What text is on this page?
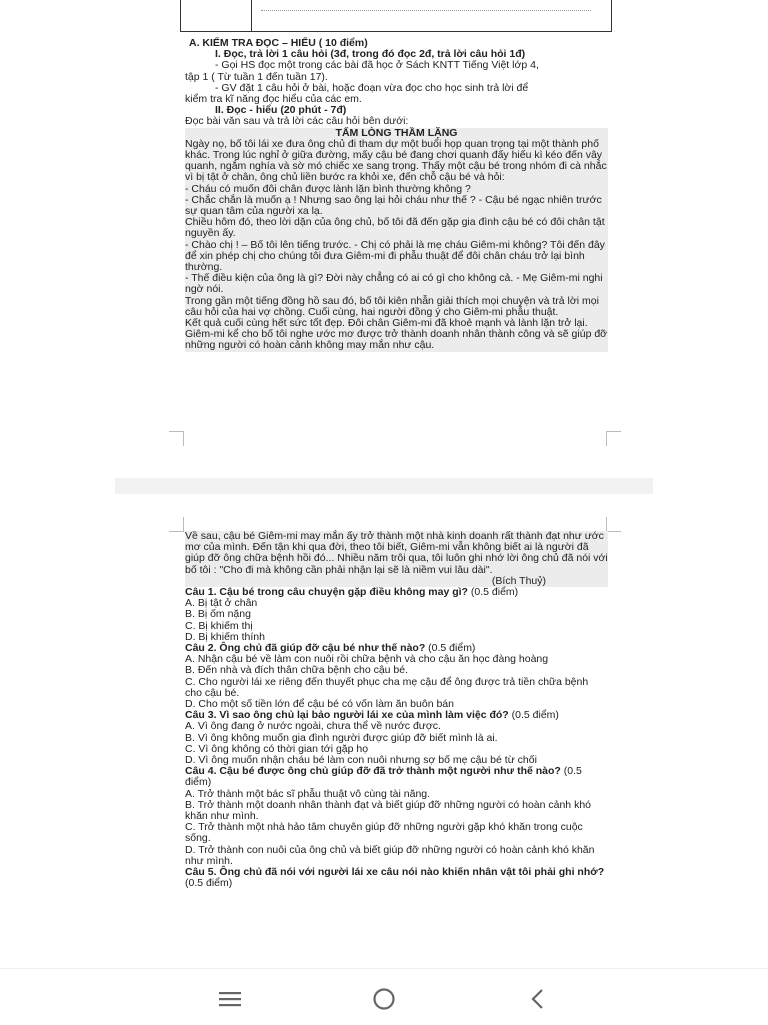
A. KIỂM TRA ĐỌC – HIỂU ( 10 điểm)

I. Đọc, trả lời 1 câu hỏi (3đ, trong đó đọc 2đ, trả lời câu hỏi 1đ)

- Gọi HS đọc một trong các bài đã học ở Sách KNTT Tiếng Việt lớp 4,

tập 1 ( Từ tuần 1 đến tuần 17).

- GV đặt 1 câu hỏi ở bài, hoặc đoạn vừa đọc cho học sinh trả lời để

kiểm tra kĩ năng đọc hiểu của các em.

II. Đọc - hiểu (20 phút - 7đ)

Đọc bài văn sau và trả lời các câu hỏi bên dưới:

TẤM LÒNG THẦM LẶNG

Ngày nọ, bố tôi lái xe đưa ông chủ đi tham dự một buổi họp quan trọng tại một thành phố khác. Trong lúc nghỉ ở giữa đường, mấy cậu bé đang chơi quanh đấy hiếu kì kéo đến vây quanh, ngắm nghía và sờ mó chiếc xe sang trọng. Thấy một cậu bé trong nhóm đi cà nhắc vì bị tật ở chân, ông chủ liền bước ra khỏi xe, đến chỗ cậu bé và hỏi:

- Cháu có muốn đôi chân được lành lặn bình thường không ?

- Chắc chắn là muốn ạ ! Nhưng sao ông lại hỏi cháu như thế ? - Cậu bé ngạc nhiên trước sự quan tâm của người xa lạ.

Chiều hôm đó, theo lời dặn của ông chủ, bố tôi đã đến gặp gia đình cậu bé có đôi chân tật nguyền ấy.

- Chào chị ! – Bố tôi lên tiếng trước. - Chị có phải là mẹ cháu Giêm-mi không? Tôi đến đây để xin phép chị cho chúng tôi đưa Giêm-mi đi phẫu thuật để đôi chân cháu trở lại bình thường.

- Thế điều kiện của ông là gì? Đời này chẳng có ai có gì cho không cả. - Mẹ Giêm-mi nghi ngờ nói.

Trong gần một tiếng đồng hồ sau đó, bố tôi kiên nhẫn giải thích mọi chuyện và trả lời mọi câu hỏi của hai vợ chồng. Cuối cùng, hai người đồng ý cho Giêm-mi phẫu thuật.

Kết quả cuối cùng hết sức tốt đẹp. Đôi chân Giêm-mi đã khoẻ mạnh và lành lặn trở lại. Giêm-mi kể cho bố tôi nghe ước mơ được trở thành doanh nhân thành công và sẽ giúp đỡ những người có hoàn cảnh không may mắn như cậu.

Về sau, cậu bé Giêm-mi may mắn ấy trở thành một nhà kinh doanh rất thành đạt như ước mơ của mình. Đến tận khi qua đời, theo tôi biết, Giêm-mi vẫn không biết ai là người đã giúp đỡ ông chữa bệnh hồi đó... Nhiều năm trôi qua, tôi luôn ghi nhớ lời ông chủ đã nói với bố tôi : "Cho đi mà không cần phải nhận lại sẽ là niềm vui lâu dài".

(Bích Thuỷ)

Câu 1. Cậu bé trong câu chuyện gặp điều không may gì? (0.5 điểm)

A. Bị tật ở chân

B. Bị ốm nặng

C. Bị khiếm thị

D. Bị khiếm thính

Câu 2. Ông chủ đã giúp đỡ cậu bé như thế nào? (0.5 điểm)

A. Nhận cậu bé về làm con nuôi rồi chữa bệnh và cho cậu ăn học đàng hoàng

B. Đến nhà và đích thân chữa bệnh cho cậu bé.

C. Cho người lái xe riêng đến thuyết phục cha mẹ cậu để ông được trả tiền chữa bệnh cho cậu bé.

D. Cho một số tiền lớn để cậu bé có vốn làm ăn buôn bán

Câu 3. Vì sao ông chủ lại bảo người lái xe của mình làm việc đó? (0.5 điểm)

A. Vì ông đang ở nước ngoài, chưa thể về nước được.

B. Vì ông không muốn gia đình người được giúp đỡ biết mình là ai.

C. Vì ông không có thời gian tới gặp họ

D. Vì ông muốn nhận cháu bé làm con nuôi nhưng sợ bố mẹ cậu bé từ chối

Câu 4. Cậu bé được ông chủ giúp đỡ đã trở thành một người như thế nào? (0.5 điểm)

A. Trở thành một bác sĩ phẫu thuật vô cùng tài năng.

B. Trở thành một doanh nhân thành đạt và biết giúp đỡ những người có hoàn cảnh khó khăn như mình.

C. Trở thành một nhà hảo tâm chuyên giúp đỡ những người gặp khó khăn trong cuộc sống.

D. Trở thành con nuôi của ông chủ và biết giúp đỡ những người có hoàn cảnh khó khăn như mình.

Câu 5. Ông chủ đã nói với người lái xe câu nói nào khiến nhân vật tôi phải ghi nhớ? (0.5 điểm)
